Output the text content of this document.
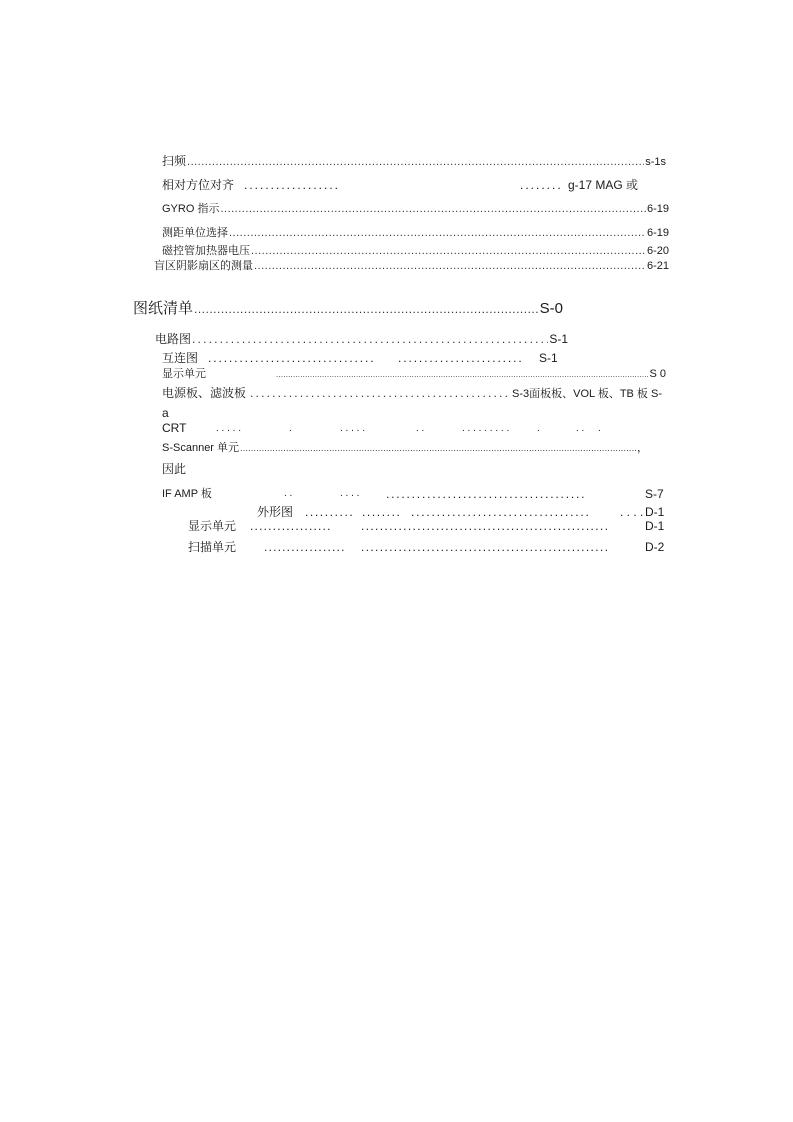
扫频 .....	s-1s
相对方位对齐 ..................	........ g-17 MAG 或
GYRO 指示 .....	6-19
测距单位选择 .....	6-19
磁控管加热器电压 .....	6-20
盲区阴影扇区的测量 .....	6-21
图纸清单 .....	S-0
电路图 .....	S-1
互连图 ................................ ........................ S-1
显示单元 .....	S 0
电源板、滤波板 .....	S-3面板板、VOL 板、TB 板 S-
a
CRT	. . . . .	.	. . . . .	. .	. . . . . . . . .	.	. . .
S-Scanner 单元 .....	，
因此
IF AMP 板	. .	. . . . .......................................	S-7
外形图 .......... ........ ................................... . . . . D-1
显示单元 .................. .....................................................	D-1
扫描单元 .................. .....................................................	D-2
